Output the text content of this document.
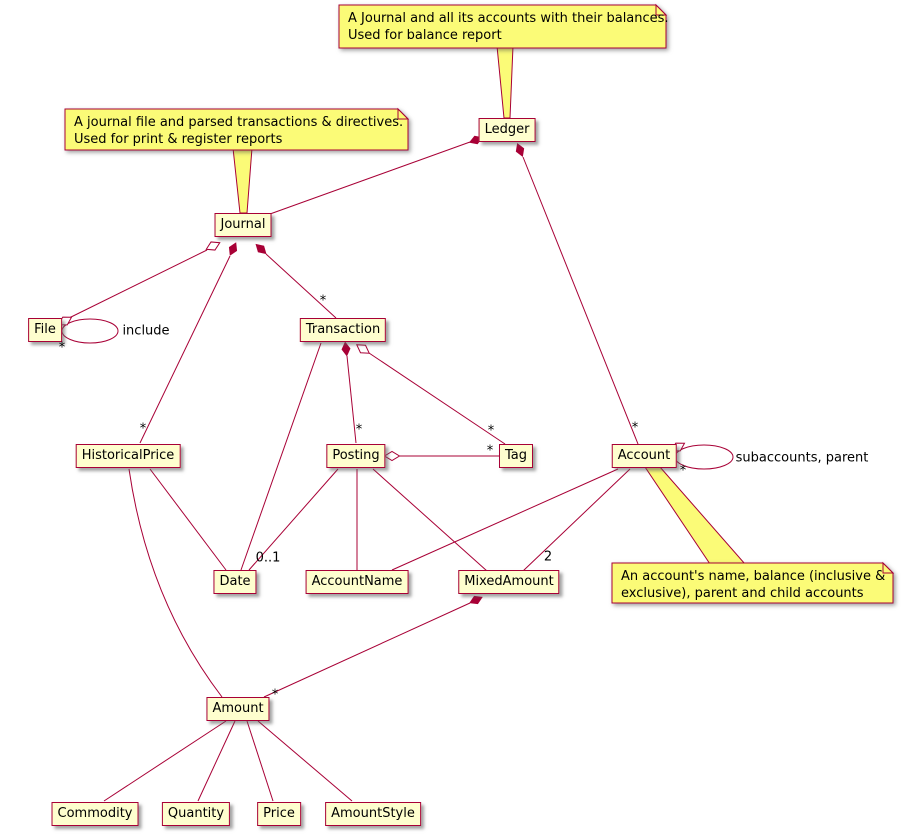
A Journal and all its accounts with their balances.
Used for balance report
A journal file and parsed transactions & directives.
Used for print & register reports
An account's name, balance (inclusive &
exclusive), parent and child accounts
Ledger
Journal
File	Transaction
HistoricalPrice	Posting	Tag	Account
Date	AccountName	MixedAmount
Amount
Commodity	Quantity	Price	AmountStyle
include
subaccounts, parent
*
*
*
*	*
*
0..1
*
*
2
*
